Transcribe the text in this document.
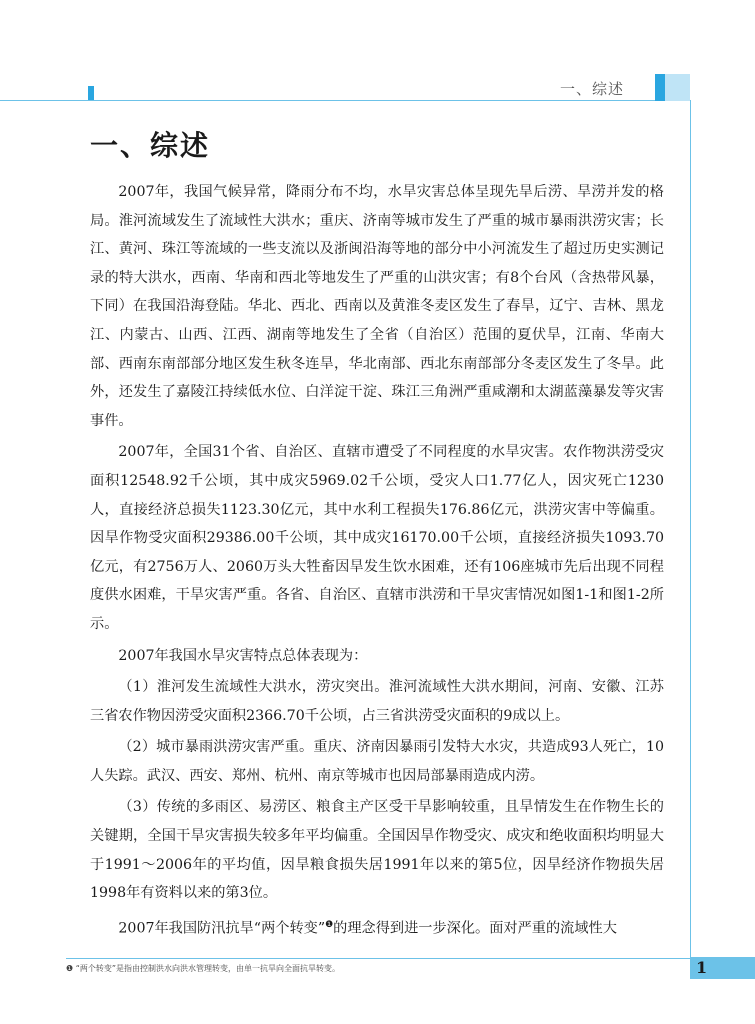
一、综述
一、综述

2007年，我国气候异常，降雨分布不均，水旱灾害总体呈现先旱后涝、旱涝并发的格局。淮河流域发生了流域性大洪水；重庆、济南等城市发生了严重的城市暴雨洪涝灾害；长江、黄河、珠江等流域的一些支流以及浙闽沿海等地的部分中小河流发生了超过历史实测记录的特大洪水，西南、华南和西北等地发生了严重的山洪灾害；有8个台风（含热带风暴，下同）在我国沿海登陆。华北、西北、西南以及黄淮冬麦区发生了春旱，辽宁、吉林、黑龙江、内蒙古、山西、江西、湖南等地发生了全省（自治区）范围的夏伏旱，江南、华南大部、西南东南部部分地区发生秋冬连旱，华北南部、西北东南部部分冬麦区发生了冬旱。此外，还发生了嘉陵江持续低水位、白洋淀干淀、珠江三角洲严重咸潮和太湖蓝藻暴发等灾害事件。

2007年，全国31个省、自治区、直辖市遭受了不同程度的水旱灾害。农作物洪涝受灾面积12548.92千公顷，其中成灾5969.02千公顷，受灾人口1.77亿人，因灾死亡1230人，直接经济总损失1123.30亿元，其中水利工程损失176.86亿元，洪涝灾害中等偏重。因旱作物受灾面积29386.00千公顷，其中成灾16170.00千公顷，直接经济损失1093.70亿元，有2756万人、2060万头大牲畜因旱发生饮水困难，还有106座城市先后出现不同程度供水困难，干旱灾害严重。各省、自治区、直辖市洪涝和干旱灾害情况如图1-1和图1-2所示。

2007年我国水旱灾害特点总体表现为：

（1）淮河发生流域性大洪水，涝灾突出。淮河流域性大洪水期间，河南、安徽、江苏三省农作物因涝受灾面积2366.70千公顷，占三省洪涝受灾面积的9成以上。

（2）城市暴雨洪涝灾害严重。重庆、济南因暴雨引发特大水灾，共造成93人死亡，10人失踪。武汉、西安、郑州、杭州、南京等城市也因局部暴雨造成内涝。

（3）传统的多雨区、易涝区、粮食主产区受干旱影响较重，且旱情发生在作物生长的关键期，全国干旱灾害损失较多年平均偏重。全国因旱作物受灾、成灾和绝收面积均明显大于1991～2006年的平均值，因旱粮食损失居1991年以来的第5位，因旱经济作物损失居1998年有资料以来的第3位。

2007年我国防汛抗旱“两个转变”$^❶$的理念得到进一步深化。面对严重的流域性大

❶ “两个转变”是指由控制洪水向洪水管理转变，由单一抗旱向全面抗旱转变。	1
